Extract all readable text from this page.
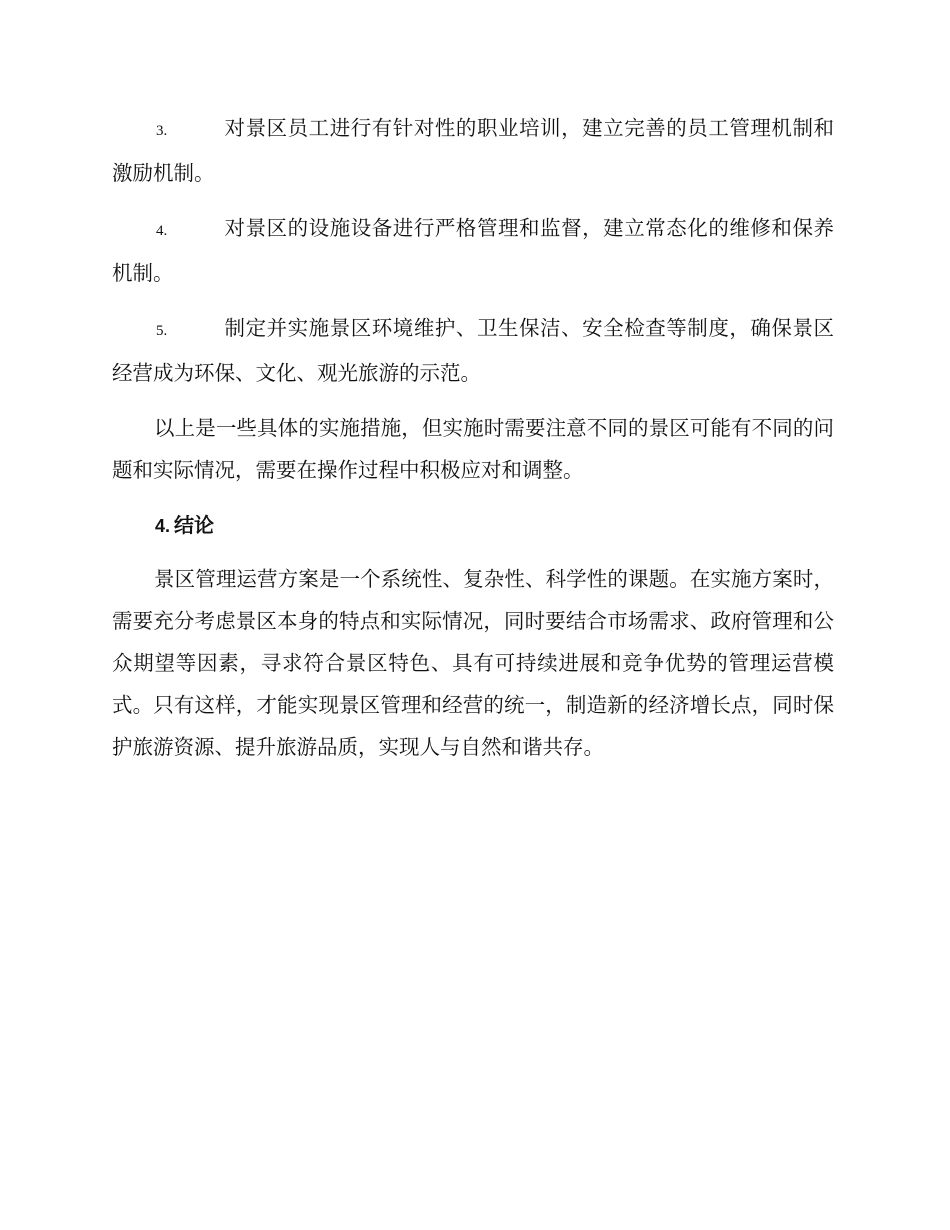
3.	对景区员工进行有针对性的职业培训，建立完善的员工管理机制和激励机制。

4.	对景区的设施设备进行严格管理和监督，建立常态化的维修和保养机制。

5.	制定并实施景区环境维护、卫生保洁、安全检查等制度，确保景区经营成为环保、文化、观光旅游的示范。

以上是一些具体的实施措施，但实施时需要注意不同的景区可能有不同的问题和实际情况，需要在操作过程中积极应对和调整。

4. 结论

景区管理运营方案是一个系统性、复杂性、科学性的课题。在实施方案时，需要充分考虑景区本身的特点和实际情况，同时要结合市场需求、政府管理和公众期望等因素，寻求符合景区特色、具有可持续进展和竞争优势的管理运营模式。只有这样，才能实现景区管理和经营的统一，制造新的经济增长点，同时保护旅游资源、提升旅游品质，实现人与自然和谐共存。
